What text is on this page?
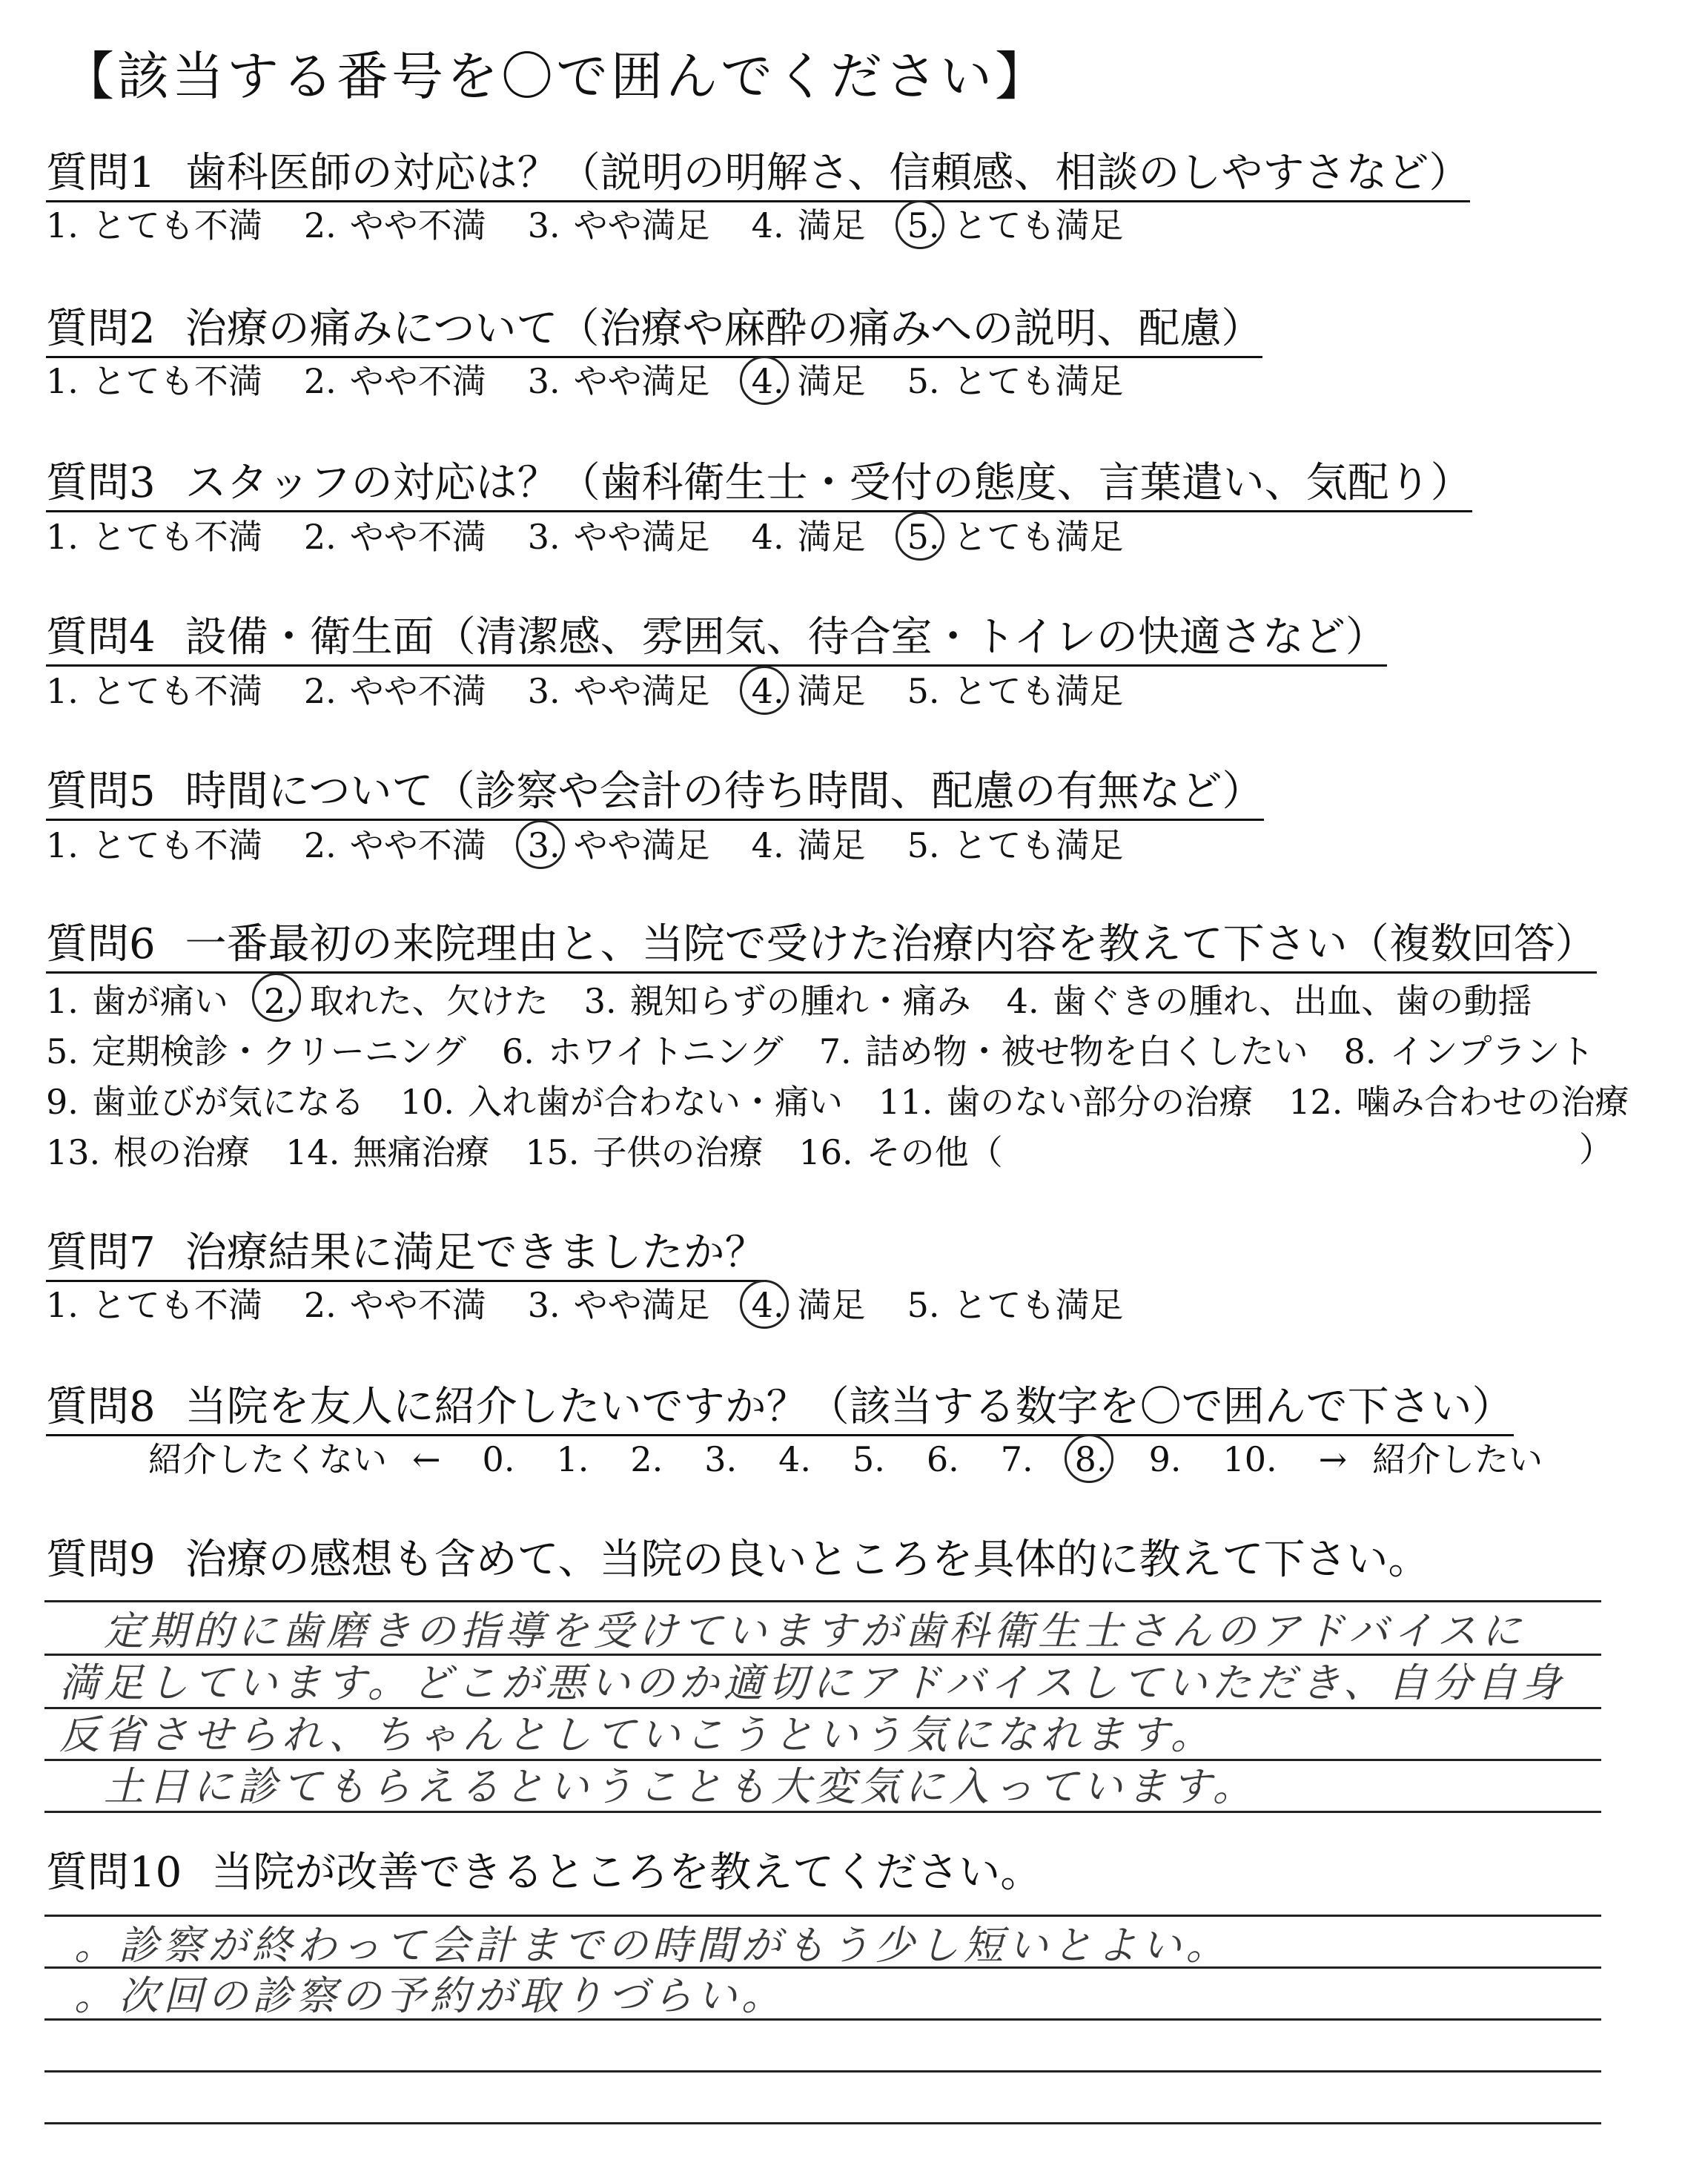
【該当する番号を〇で囲んでください】
質問1 歯科医師の対応は？（説明の明解さ、信頼感、相談のしやすさなど）
1. とても不満 2. やや不満 3. やや満足 4. 満足 5. とても満足
質問2 治療の痛みについて（治療や麻酔の痛みへの説明、配慮）
1. とても不満 2. やや不満 3. やや満足 4. 満足 5. とても満足
質問3 スタッフの対応は？（歯科衛生士・受付の態度、言葉遣い、気配り）
1. とても不満 2. やや不満 3. やや満足 4. 満足 5. とても満足
質問4 設備・衛生面（清潔感、雰囲気、待合室・トイレの快適さなど）
1. とても不満 2. やや不満 3. やや満足 4. 満足 5. とても満足
質問5 時間について（診察や会計の待ち時間、配慮の有無など）
1. とても不満 2. やや不満 3. やや満足 4. 満足 5. とても満足
質問6 一番最初の来院理由と、当院で受けた治療内容を教えて下さい（複数回答）
1. 歯が痛い 2. 取れた、欠けた 3. 親知らずの腫れ・痛み 4. 歯ぐきの腫れ、出血、歯の動揺
5. 定期検診・クリーニング 6. ホワイトニング 7. 詰め物・被せ物を白くしたい 8. インプラント
9. 歯並びが気になる 10. 入れ歯が合わない・痛い 11. 歯のない部分の治療 12. 噛み合わせの治療
13. 根の治療 14. 無痛治療 15. 子供の治療 16. その他（	）
質問7 治療結果に満足できましたか？
1. とても不満 2. やや不満 3. やや満足 4. 満足 5. とても満足
質問8 当院を友人に紹介したいですか？（該当する数字を〇で囲んで下さい）
紹介したくない ← 0. 1. 2. 3. 4. 5. 6. 7. 8. 9. 10. → 紹介したい
質問9 治療の感想も含めて、当院の良いところを具体的に教えて下さい。
定期的に歯磨きの指導を受けていますが歯科衛生士さんのアドバイスに
満足しています。どこが悪いのか適切にアドバイスしていただき、自分自身
反省させられ、ちゃんとしていこうという気になれます。
土日に診てもらえるということも大変気に入っています。
質問10 当院が改善できるところを教えてください。
。診察が終わって会計までの時間がもう少し短いとよい。
。次回の診察の予約が取りづらい。
